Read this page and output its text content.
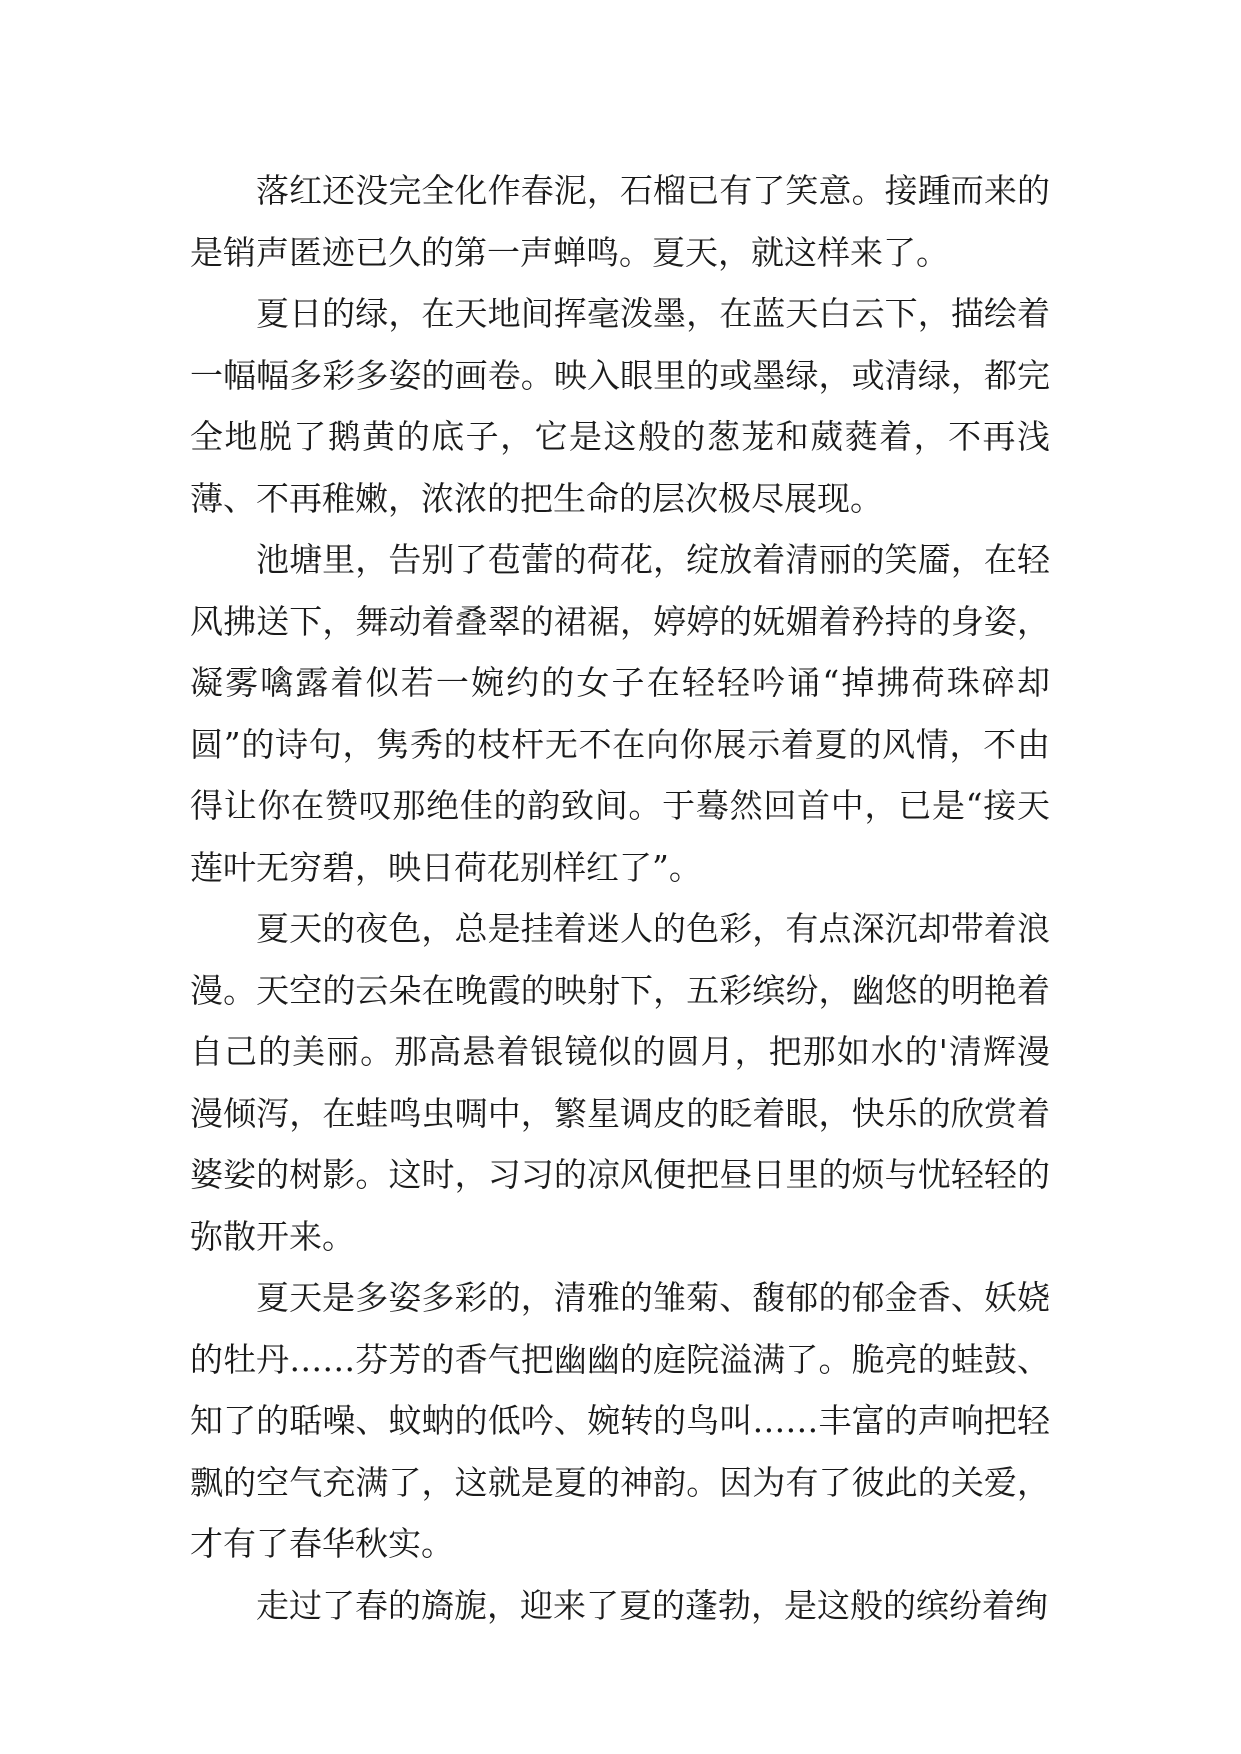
落红还没完全化作春泥，石榴已有了笑意。接踵而来的是销声匿迹已久的第一声蝉鸣。夏天，就这样来了。

夏日的绿，在天地间挥毫泼墨，在蓝天白云下，描绘着一幅幅多彩多姿的画卷。映入眼里的或墨绿，或清绿，都完全地脱了鹅黄的底子，它是这般的葱茏和葳蕤着，不再浅薄、不再稚嫩，浓浓的把生命的层次极尽展现。

池塘里，告别了苞蕾的荷花，绽放着清丽的笑靥，在轻风拂送下，舞动着叠翠的裙裾，婷婷的妩媚着矜持的身姿，凝雾噙露着似若一婉约的女子在轻轻吟诵“掉拂荷珠碎却圆”的诗句，隽秀的枝杆无不在向你展示着夏的风情，不由得让你在赞叹那绝佳的韵致间。于蓦然回首中，已是“接天莲叶无穷碧，映日荷花别样红了”。

夏天的夜色，总是挂着迷人的色彩，有点深沉却带着浪漫。天空的云朵在晚霞的映射下，五彩缤纷，幽悠的明艳着自己的美丽。那高悬着银镜似的圆月，把那如水的'清辉漫漫倾泻，在蛙鸣虫啁中，繁星调皮的眨着眼，快乐的欣赏着婆娑的树影。这时，习习的凉风便把昼日里的烦与忧轻轻的弥散开来。

夏天是多姿多彩的，清雅的雏菊、馥郁的郁金香、妖娆的牡丹……芬芳的香气把幽幽的庭院溢满了。脆亮的蛙鼓、知了的聒噪、蚊蚋的低吟、婉转的鸟叫……丰富的声响把轻飘的空气充满了，这就是夏的神韵。因为有了彼此的关爱，才有了春华秋实。

走过了春的旖旎，迎来了夏的蓬勃，是这般的缤纷着绚
